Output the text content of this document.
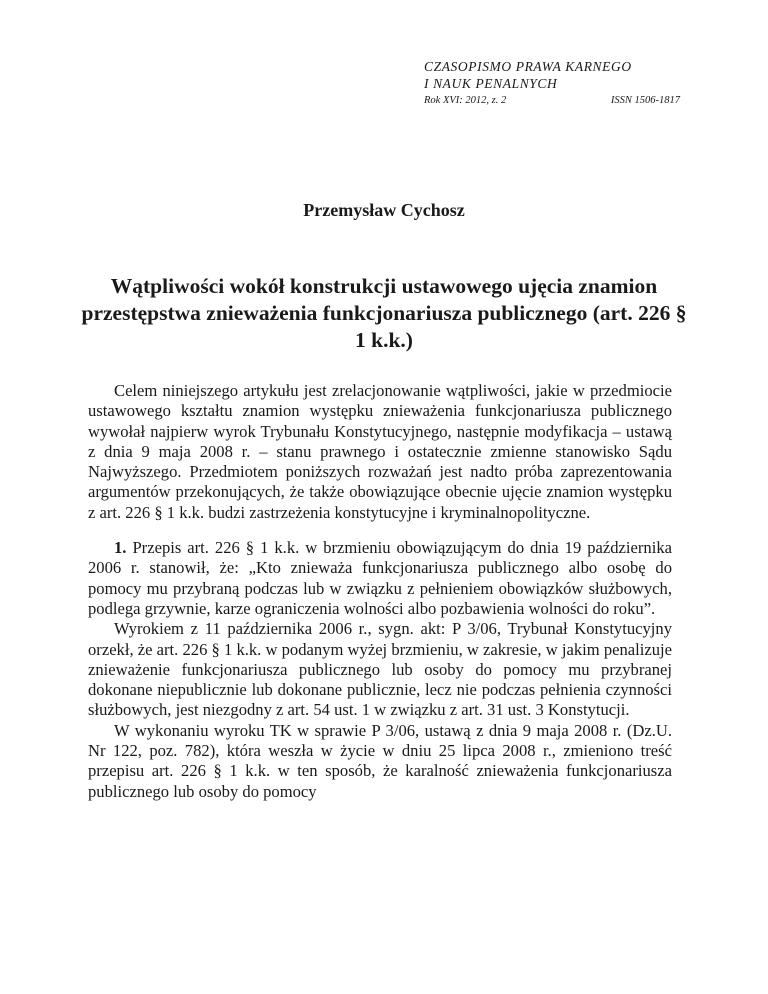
CZASOPISMO PRAWA KARNEGO
I NAUK PENALNYCH
Rok XVI: 2012, z. 2	ISSN 1506-1817
Przemysław Cychosz
Wątpliwości wokół konstrukcji ustawowego ujęcia znamion przestępstwa znieważenia funkcjonariusza publicznego (art. 226 § 1 k.k.)

Celem niniejszego artykułu jest zrelacjonowanie wątpliwości, jakie w przedmiocie ustawowego kształtu znamion występku znieważenia funkcjonariusza publicznego wywołał najpierw wyrok Trybunału Konstytucyjnego, następnie modyfikacja – ustawą z dnia 9 maja 2008 r. – stanu prawnego i ostatecznie zmienne stanowisko Sądu Najwyższego. Przedmiotem poniższych rozważań jest nadto próba zaprezentowania argumentów przekonujących, że także obowiązujące obecnie ujęcie znamion występku z art. 226 § 1 k.k. budzi zastrzeżenia konstytucyjne i kryminalnopolityczne.

1. Przepis art. 226 § 1 k.k. w brzmieniu obowiązującym do dnia 19 października 2006 r. stanowił, że: „Kto znieważa funkcjonariusza publicznego albo osobę do pomocy mu przybraną podczas lub w związku z pełnieniem obowiązków służbowych, podlega grzywnie, karze ograniczenia wolności albo pozbawienia wolności do roku”.

Wyrokiem z 11 października 2006 r., sygn. akt: P 3/06, Trybunał Konstytucyjny orzekł, że art. 226 § 1 k.k. w podanym wyżej brzmieniu, w zakresie, w jakim penalizuje znieważenie funkcjonariusza publicznego lub osoby do pomocy mu przybranej dokonane niepublicznie lub dokonane publicznie, lecz nie podczas pełnienia czynności służbowych, jest niezgodny z art. 54 ust. 1 w związku z art. 31 ust. 3 Konstytucji.

W wykonaniu wyroku TK w sprawie P 3/06, ustawą z dnia 9 maja 2008 r. (Dz.U. Nr 122, poz. 782), która weszła w życie w dniu 25 lipca 2008 r., zmieniono treść przepisu art. 226 § 1 k.k. w ten sposób, że karalność znieważenia funkcjonariusza publicznego lub osoby do pomocy
